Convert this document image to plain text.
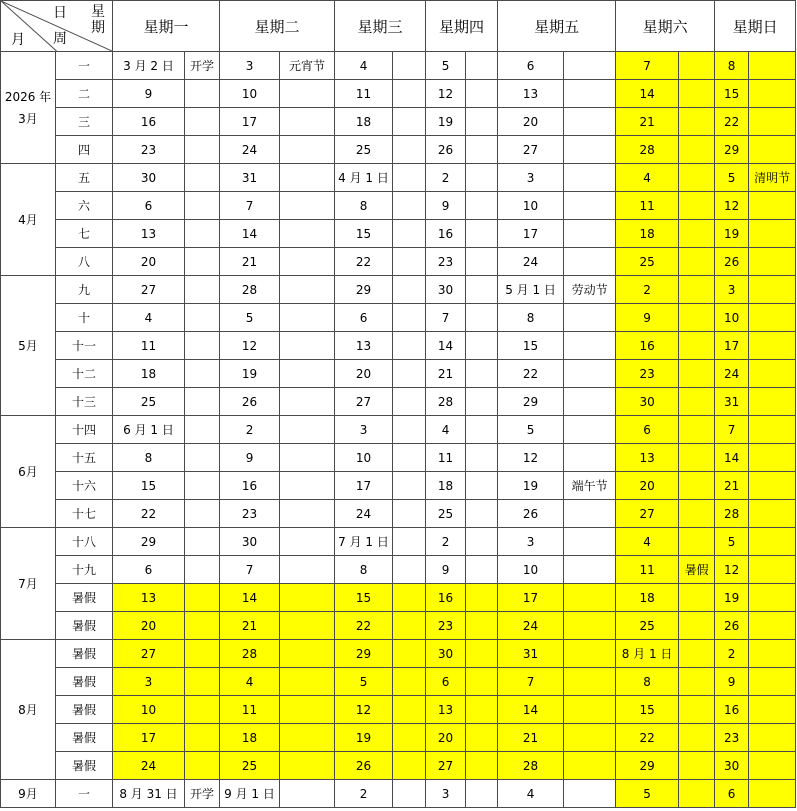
日 星
期
月 周		星期一		星期二		星期三		星期四		星期五		星期六		星期日	
2026 年
3月	一	3 月 2 日	开学	3	元宵节	4		5		6		7		8	
	二	9		10		11		12		13		14		15	
	三	16		17		18		19		20		21		22	
	四	23		24		25		26		27		28		29	
4月	五	30		31		4 月 1 日		2		3		4		5	清明节
	六	6		7		8		9		10		11		12	
	七	13		14		15		16		17		18		19	
	八	20		21		22		23		24		25		26	
5月	九	27		28		29		30		5 月 1 日	劳动节	2		3	
	十	4		5		6		7		8		9		10	
	十一	11		12		13		14		15		16		17	
	十二	18		19		20		21		22		23		24	
	十三	25		26		27		28		29		30		31	
6月	十四	6 月 1 日		2		3		4		5		6		7	
	十五	8		9		10		11		12		13		14	
	十六	15		16		17		18		19	端午节	20		21	
	十七	22		23		24		25		26		27		28	
7月	十八	29		30		7 月 1 日		2		3		4		5	
	十九	6		7		8		9		10		11	暑假	12	
	暑假	13		14		15		16		17		18		19	
	暑假	20		21		22		23		24		25		26	
8月	暑假	27		28		29		30		31		8 月 1 日		2	
	暑假	3		4		5		6		7		8		9	
	暑假	10		11		12		13		14		15		16	
	暑假	17		18		19		20		21		22		23	
	暑假	24		25		26		27		28		29		30	
9月	一	8 月 31 日	开学	9 月 1 日		2		3		4		5		6	
